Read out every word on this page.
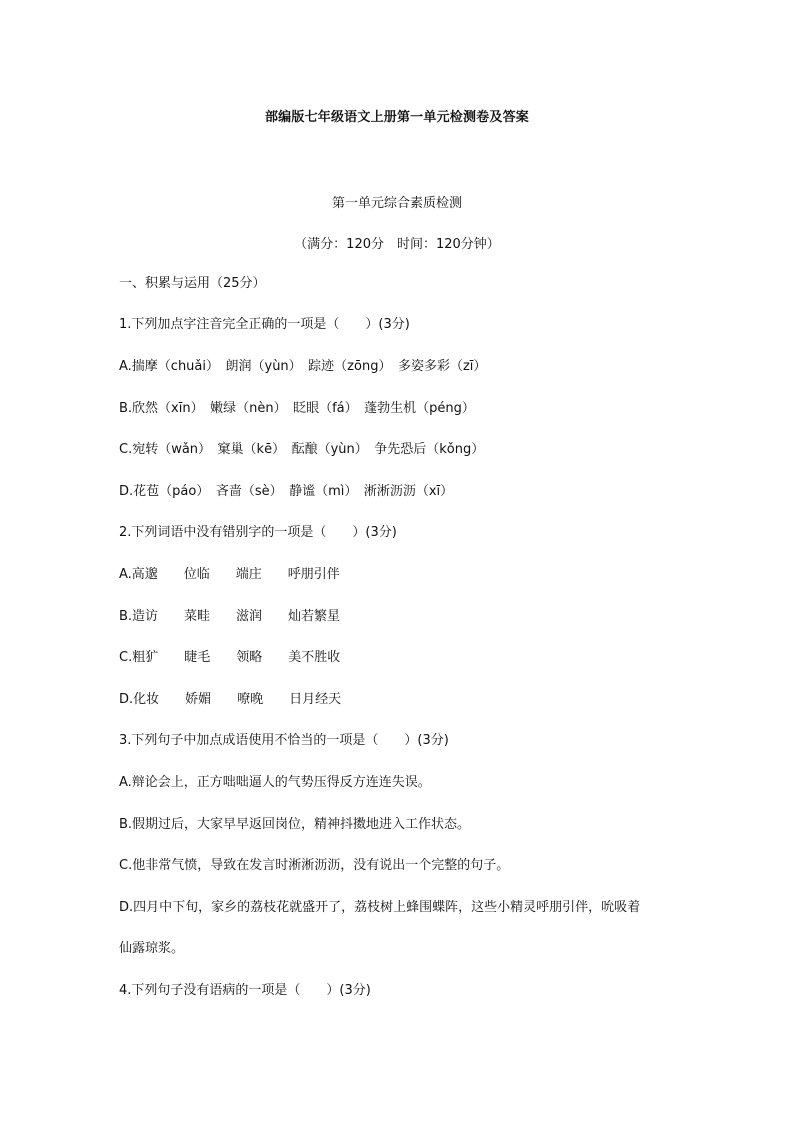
部编版七年级语文上册第一单元检测卷及答案
第一单元综合素质检测
（满分：120分　时间：120分钟）
一、积累与运用（25分）
1.下列加点字注音完全正确的一项是（　　）(3分)
A.揣摩（chuǎi）　朗润（yùn）　踪迹（zōng）　多姿多彩（zī）
B.欣然（xīn）　嫩绿（nèn）　眨眼（fá）　蓬勃生机（péng）
C.宛转（wǎn）　窠巢（kē）　酝酿（yùn）　争先恐后（kǒng）
D.花苞（páo）　吝啬（sè）　静谧（mì）　淅淅沥沥（xī）
2.下列词语中没有错别字的一项是（　　）(3分)
A.高邈　　位临　　端庄　　呼朋引伴
B.造访　　菜畦　　滋润　　灿若繁星
C.粗犷　　睫毛　　领略　　美不胜收
D.化妆　　娇媚　　嘹晚　　日月经天
3.下列句子中加点成语使用不恰当的一项是（　　）(3分)
A.辩论会上，正方咄咄逼人的气势压得反方连连失误。
B.假期过后，大家早早返回岗位，精神抖擞地进入工作状态。
C.他非常气愤，导致在发言时淅淅沥沥，没有说出一个完整的句子。
D.四月中下旬，家乡的荔枝花就盛开了，荔枝树上蜂围蝶阵，这些小精灵呼朋引伴，吮吸着
仙露琼浆。
4.下列句子没有语病的一项是（　　）(3分)
